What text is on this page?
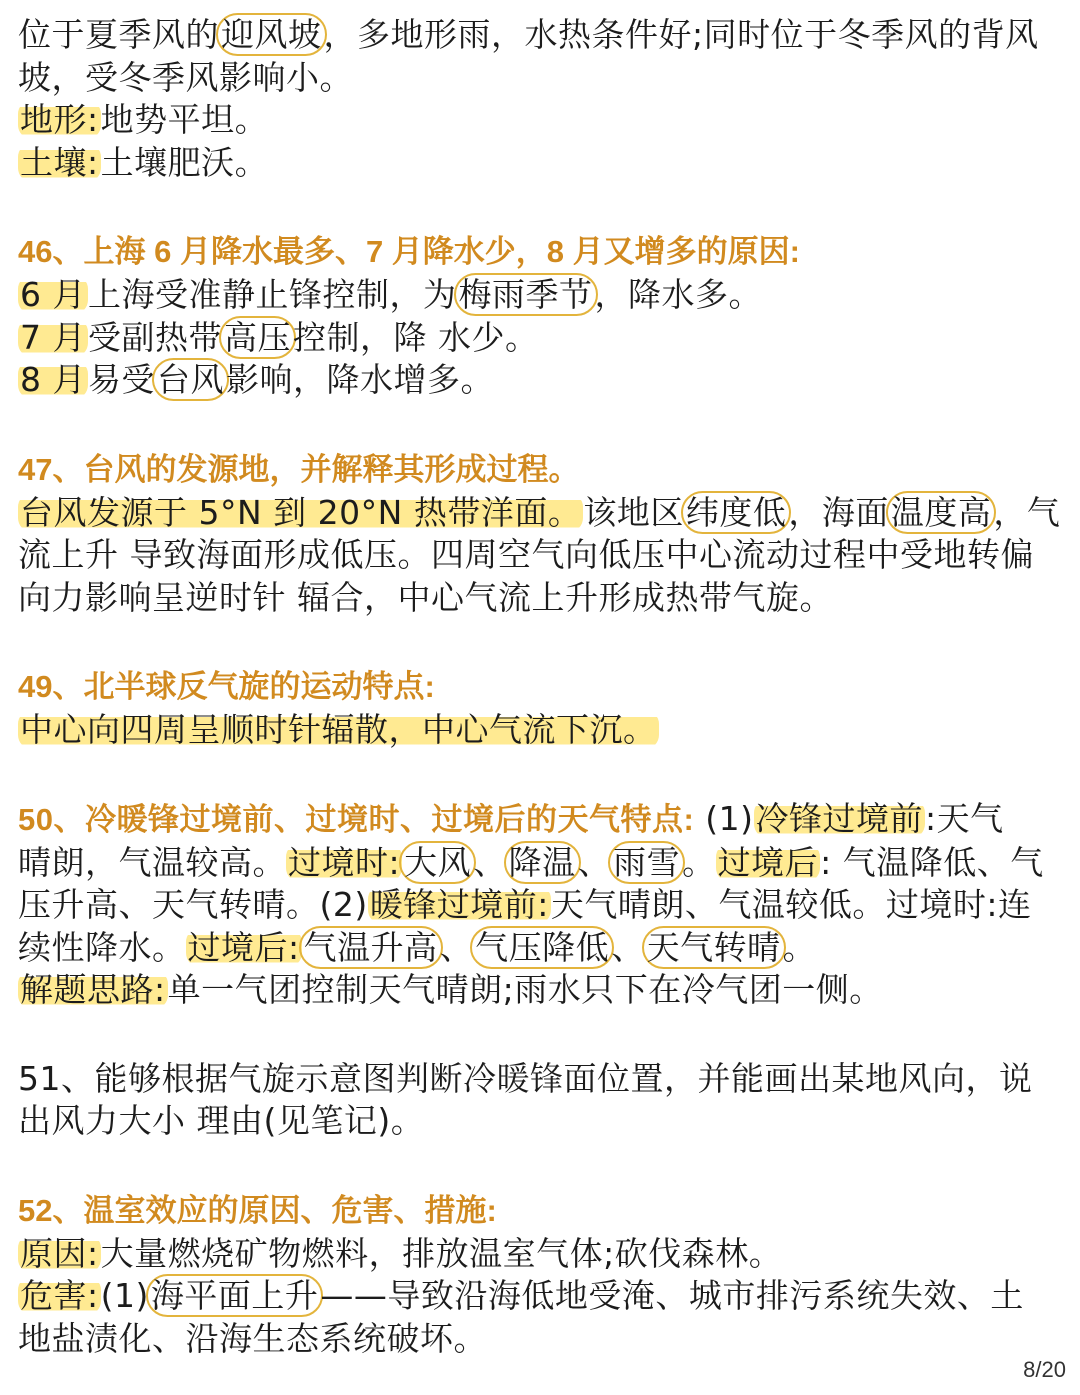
位于夏季风的迎风坡，多地形雨，水热条件好;同时位于冬季风的背风
坡，受冬季风影响小。
地形:地势平坦。
土壤:土壤肥沃。
46、上海 6 月降水最多、7 月降水少，8 月又增多的原因:
6 月上海受准静止锋控制，为梅雨季节，降水多。
7 月受副热带高压控制，降 水少。
8 月易受台风影响，降水增多。
47、台风的发源地，并解释其形成过程。
台风发源于 5°N 到 20°N 热带洋面。该地区纬度低，海面温度高，气
流上升 导致海面形成低压。四周空气向低压中心流动过程中受地转偏
向力影响呈逆时针 辐合，中心气流上升形成热带气旋。
49、北半球反气旋的运动特点:
中心向四周呈顺时针辐散，中心气流下沉。
50、冷暖锋过境前、过境时、过境后的天气特点: (1)冷锋过境前:天气
晴朗，气温较高。过境时: 大风、降温、雨雪。过境后: 气温降低、气
压升高、天气转晴。(2)暖锋过境前:天气晴朗、气温较低。过境时:连
续性降水。过境后: 气温升高、气压降低、天气转晴。
解题思路:单一气团控制天气晴朗;雨水只下在冷气团一侧。
51、能够根据气旋示意图判断冷暖锋面位置，并能画出某地风向，说
出风力大小 理由(见笔记)。
52、温室效应的原因、危害、措施:
原因:大量燃烧矿物燃料，排放温室气体;砍伐森林。
危害:(1)海平面上升——导致沿海低地受淹、城市排污系统失效、土
地盐渍化、沿海生态系统破坏。
8/20
